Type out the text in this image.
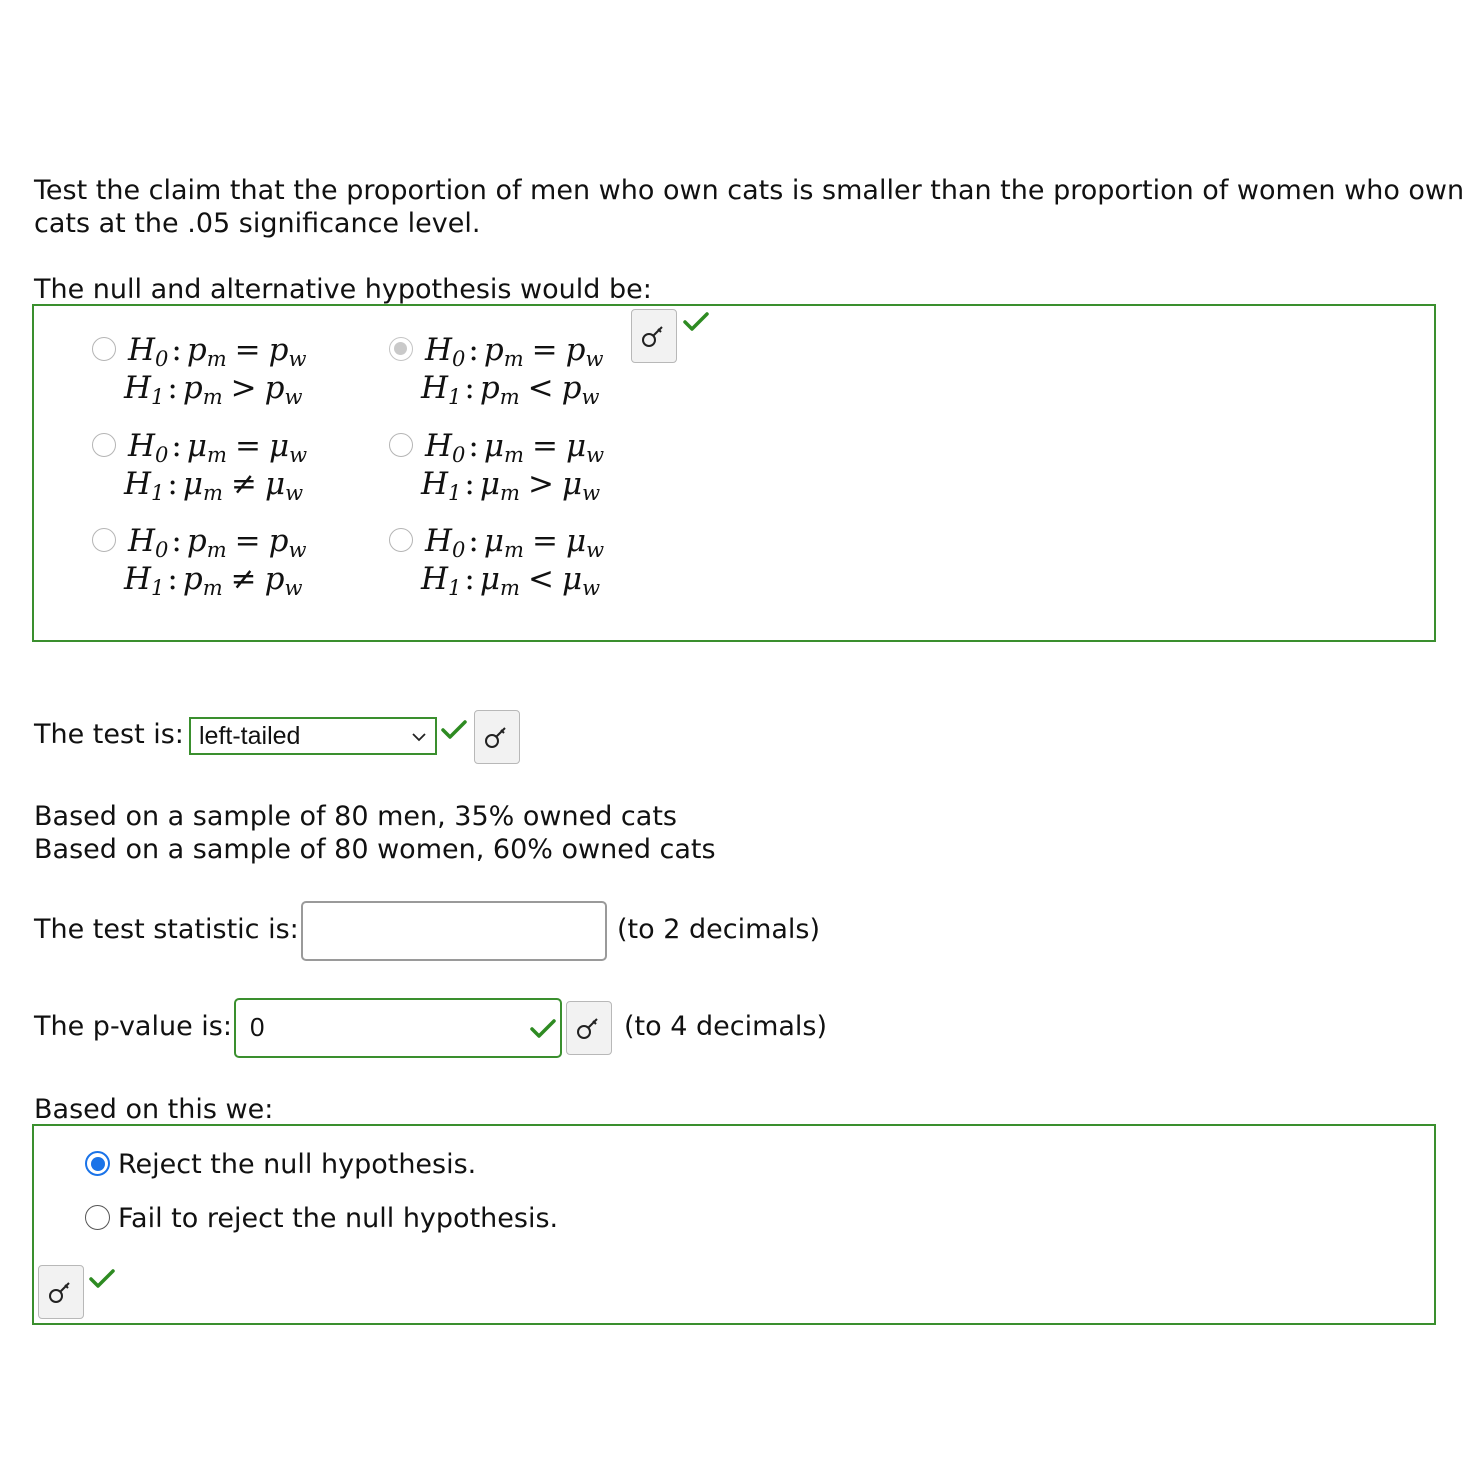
Test the claim that the proportion of men who own cats is smaller than the proportion of women who own
cats at the .05 significance level.
The null and alternative hypothesis would be:
$H_0$: $p_m = p_w$
$H_1$: $p_m > p_w$
$H_0$: $p_m = p_w$
$H_1$: $p_m < p_w$
$H_0$: $\mu_m = \mu_w$
$H_1$: $\mu_m \ne \mu_w$
$H_0$: $\mu_m = \mu_w$
$H_1$: $\mu_m > \mu_w$
$H_0$: $p_m = p_w$
$H_1$: $p_m \ne p_w$
$H_0$: $\mu_m = \mu_w$
$H_1$: $\mu_m < \mu_w$
The test is: left-tailed
Based on a sample of 80 men, 35% owned cats
Based on a sample of 80 women, 60% owned cats
The test statistic is:	(to 2 decimals)
The p-value is: 0	(to 4 decimals)
Based on this we:
Reject the null hypothesis.
Fail to reject the null hypothesis.
